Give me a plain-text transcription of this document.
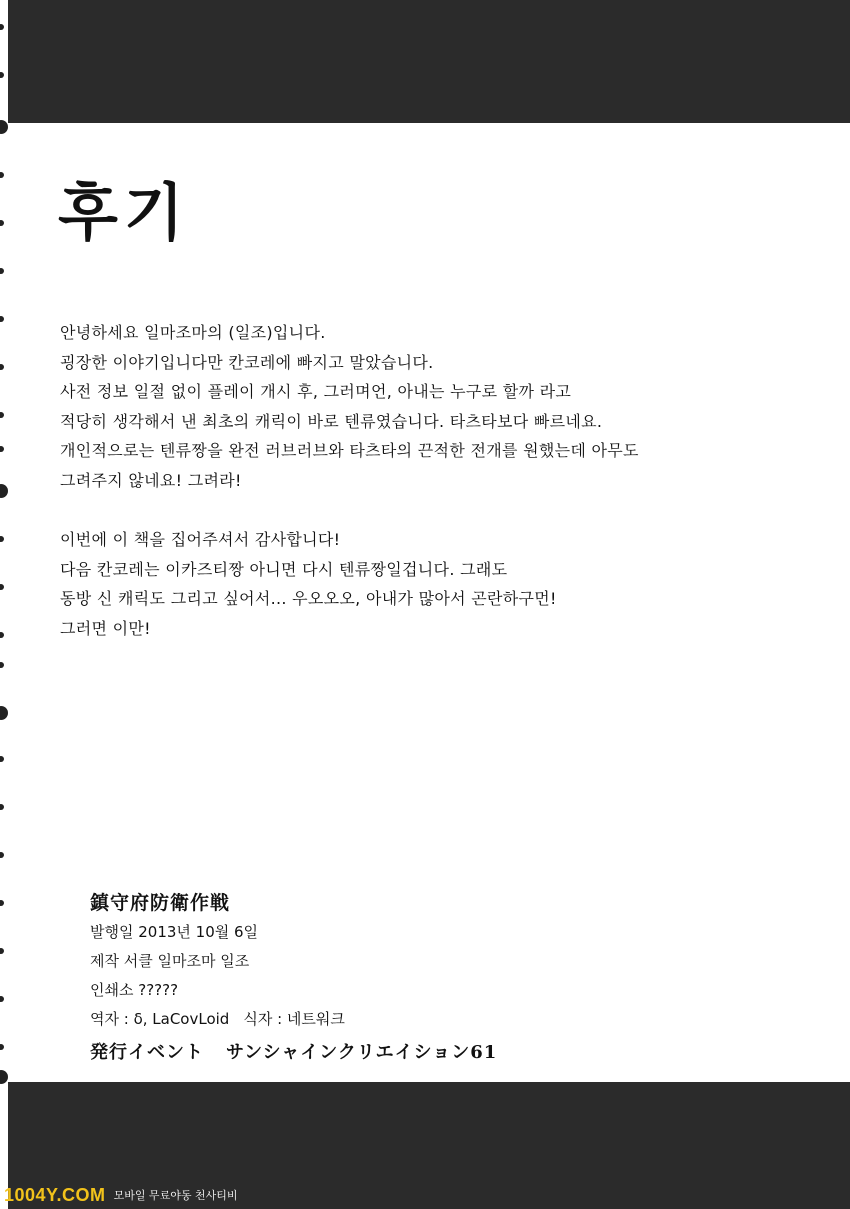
후기
안녕하세요 일마조마의 (일조)입니다.
굉장한 이야기입니다만 칸코레에 빠지고 말았습니다.
사전 정보 일절 없이 플레이 개시 후, 그러며언, 아내는 누구로 할까 라고
적당히 생각해서 낸 최초의 캐릭이 바로 텐류였습니다. 타츠타보다 빠르네요.
개인적으로는 텐류짱을 완전 러브러브와 타츠타의 끈적한 전개를 원했는데 아무도
그려주지 않네요! 그려라!
이번에 이 책을 집어주셔서 감사합니다!
다음 칸코레는 이카즈티짱 아니면 다시 텐류짱일겁니다. 그래도
동방 신 캐릭도 그리고 싶어서... 우오오오, 아내가 많아서 곤란하구먼!
그러면 이만!
鎮守府防衛作戦
발행일 2013년 10월 6일
제작 서클 일마조마 일조
인쇄소 ?????
역자 : δ, LaCovLoid 식자 : 네트워크
発行イベント サンシャインクリエイション61
1004Y.COM 모바일 무료야동 천사티비
